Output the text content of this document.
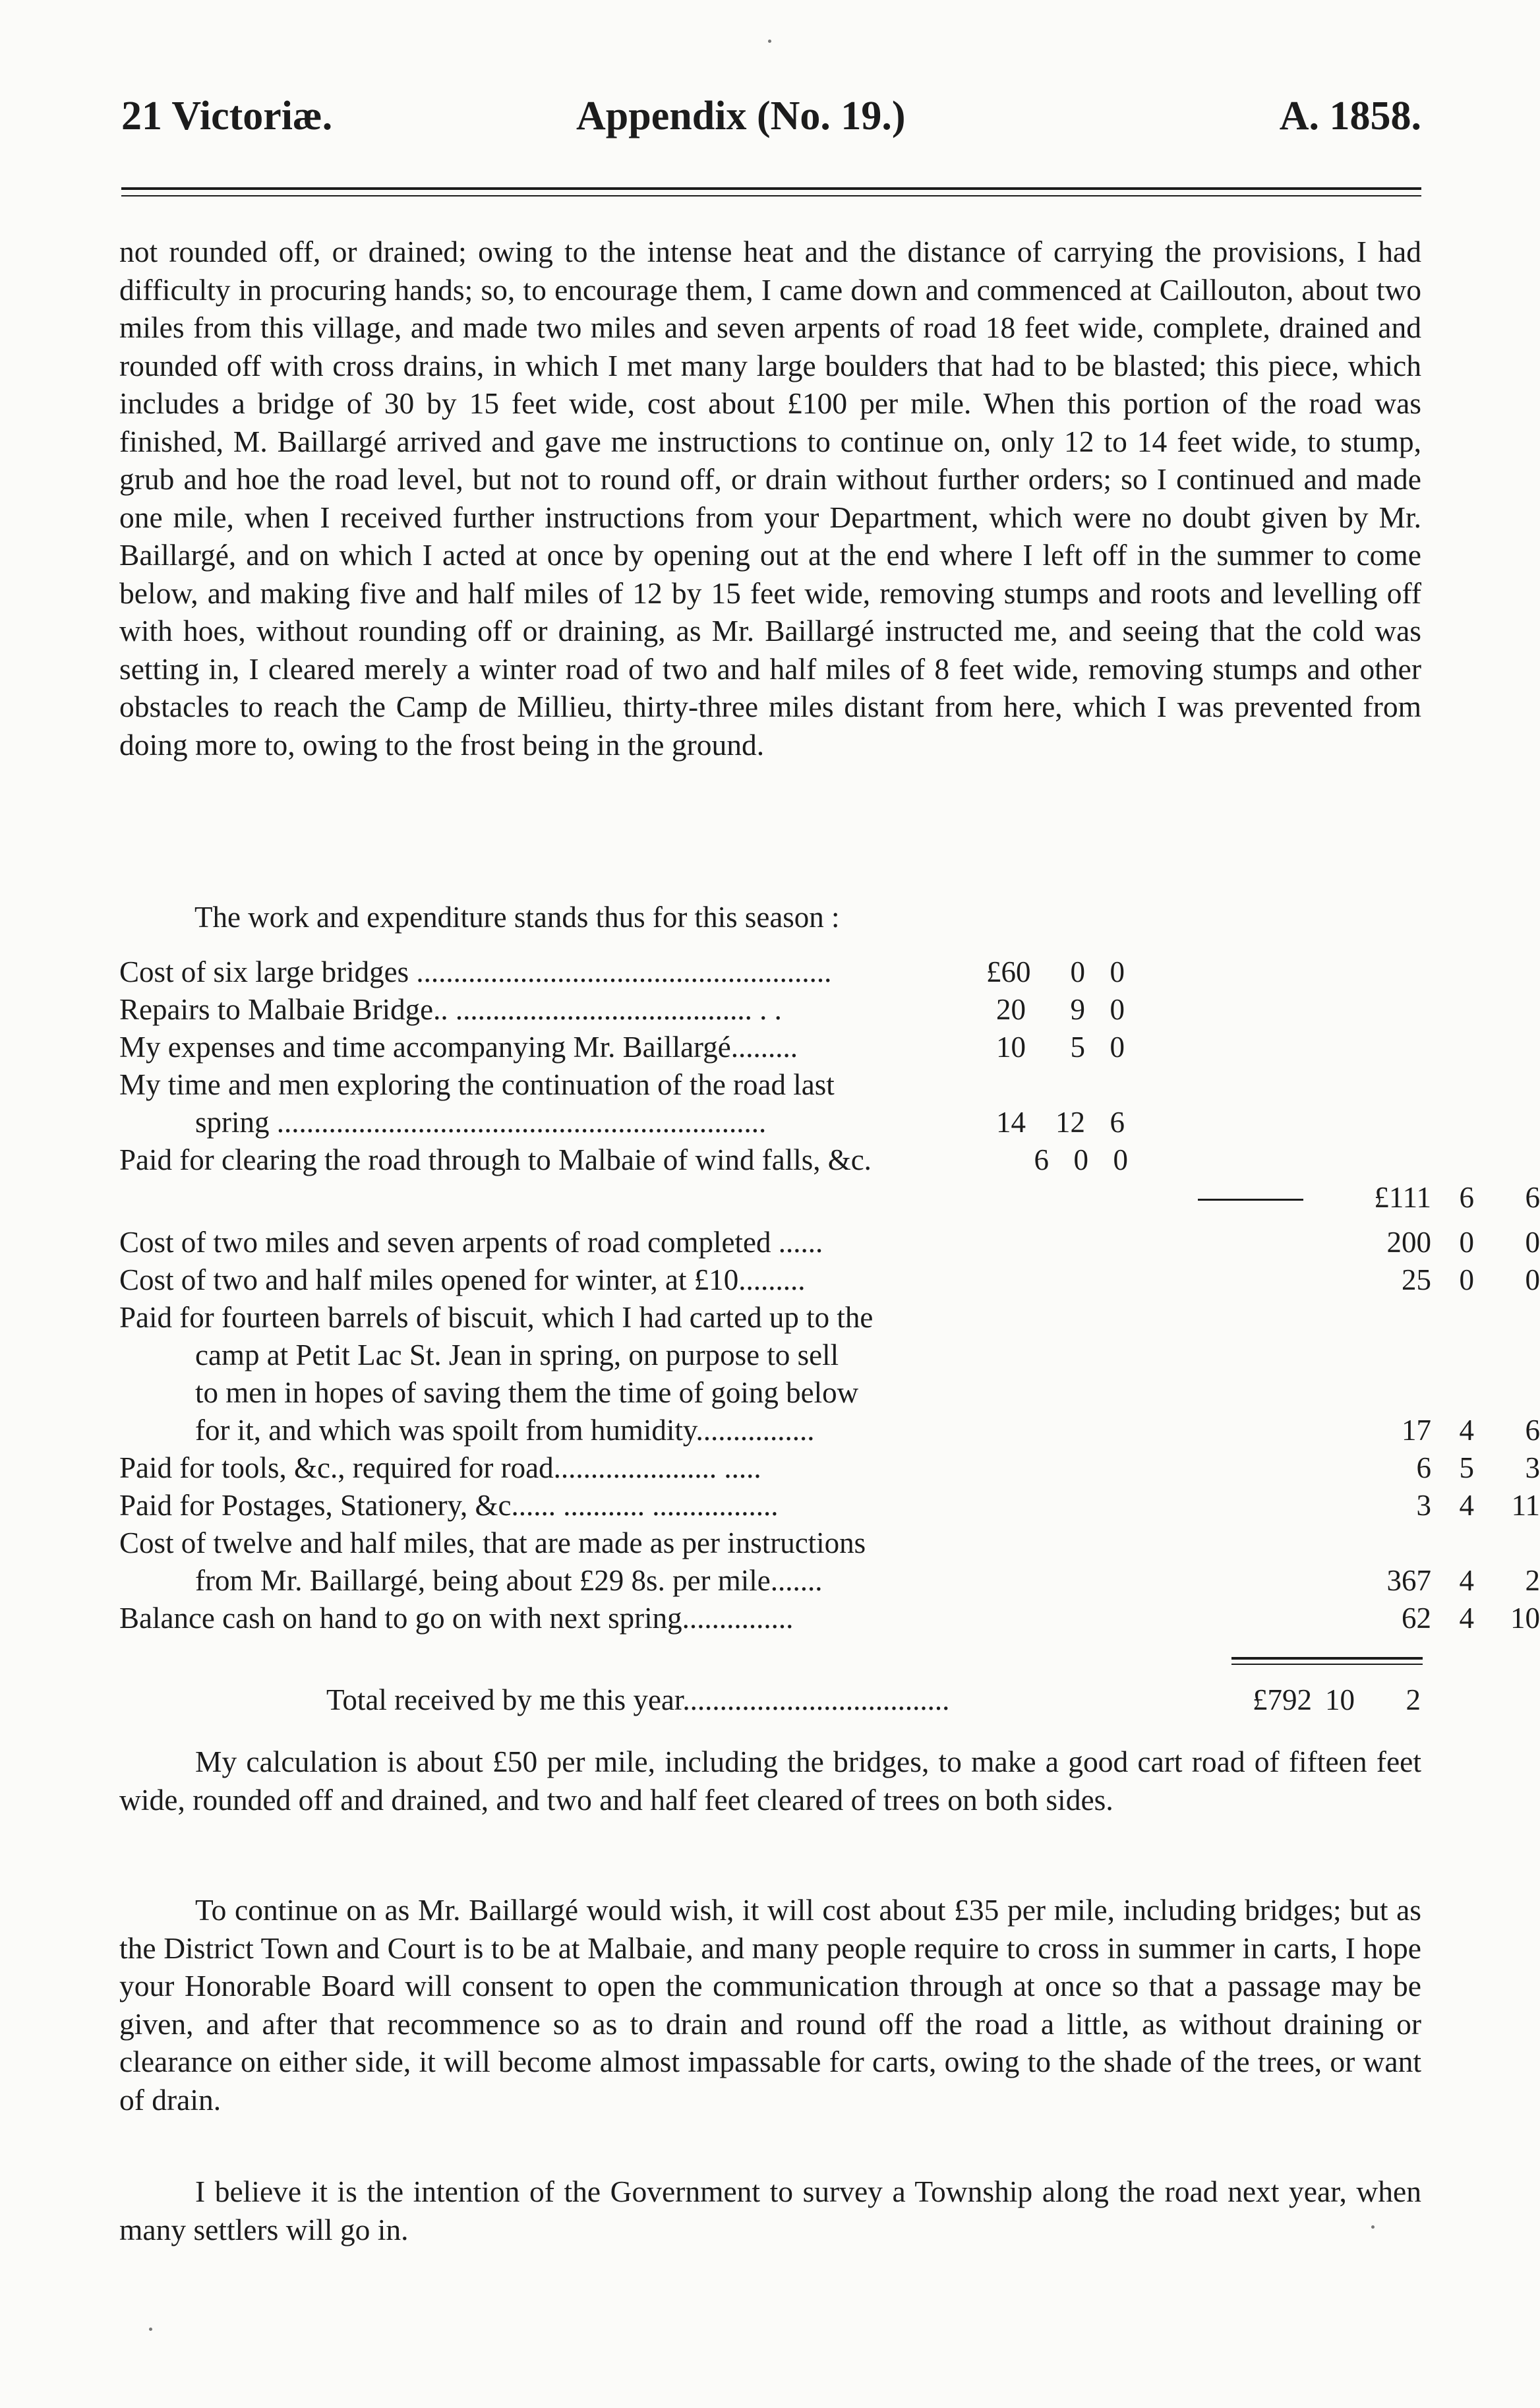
21 Victoriæ.	Appendix (No. 19.)	A. 1858.
not rounded off, or drained; owing to the intense heat and the distance of carrying the provisions, I had difficulty in procuring hands; so, to encourage them, I came down and commenced at Caillouton, about two miles from this village, and made two miles and seven arpents of road 18 feet wide, complete, drained and rounded off with cross drains, in which I met many large boulders that had to be blasted; this piece, which includes a bridge of 30 by 15 feet wide, cost about £100 per mile. When this portion of the road was finished, M. Baillargé arrived and gave me instructions to continue on, only 12 to 14 feet wide, to stump, grub and hoe the road level, but not to round off, or drain without further orders; so I continued and made one mile, when I received further instructions from your Department, which were no doubt given by Mr. Baillargé, and on which I acted at once by opening out at the end where I left off in the summer to come below, and making five and half miles of 12 by 15 feet wide, removing stumps and roots and levelling off with hoes, without rounding off or draining, as Mr. Baillargé instructed me, and seeing that the cold was setting in, I cleared merely a winter road of two and half miles of 8 feet wide, removing stumps and other obstacles to reach the Camp de Millieu, thirty-three miles distant from here, which I was prevented from doing more to, owing to the frost being in the ground.
The work and expenditure stands thus for this season :
Cost of six large bridges ........................................................	£60	0 0
Repairs to Malbaie Bridge.. ........................................ . .	20	9 0
My expenses and time accompanying Mr. Baillargé.........	10	5 0
My time and men exploring the continuation of the road last
spring ..................................................................	14	12 6
Paid for clearing the road through to Malbaie of wind falls, &c.	6 0 0
£111 6	6
Cost of two miles and seven arpents of road completed ......	200 0	0
Cost of two and half miles opened for winter, at £10.........	25 0	0
Paid for fourteen barrels of biscuit, which I had carted up to the
camp at Petit Lac St. Jean in spring, on purpose to sell
to men in hopes of saving them the time of going below
for it, and which was spoilt from humidity................	17 4	6
Paid for tools, &c., required for road...................... .....	6 5	3
Paid for Postages, Stationery, &c...... ........... .................	3 4	11
Cost of twelve and half miles, that are made as per instructions
from Mr. Baillargé, being about £29 8s. per mile.......	367 4	2
Balance cash on hand to go on with next spring...............	62 4	10
Total received by me this year....................................	£792 10	2
My calculation is about £50 per mile, including the bridges, to make a good cart road of fifteen feet wide, rounded off and drained, and two and half feet cleared of trees on both sides.
To continue on as Mr. Baillargé would wish, it will cost about £35 per mile, including bridges; but as the District Town and Court is to be at Malbaie, and many people require to cross in summer in carts, I hope your Honorable Board will consent to open the communication through at once so that a passage may be given, and after that recommence so as to drain and round off the road a little, as without draining or clearance on either side, it will become almost impassable for carts, owing to the shade of the trees, or want of drain.
I believe it is the intention of the Government to survey a Township along the road next year, when many settlers will go in.
